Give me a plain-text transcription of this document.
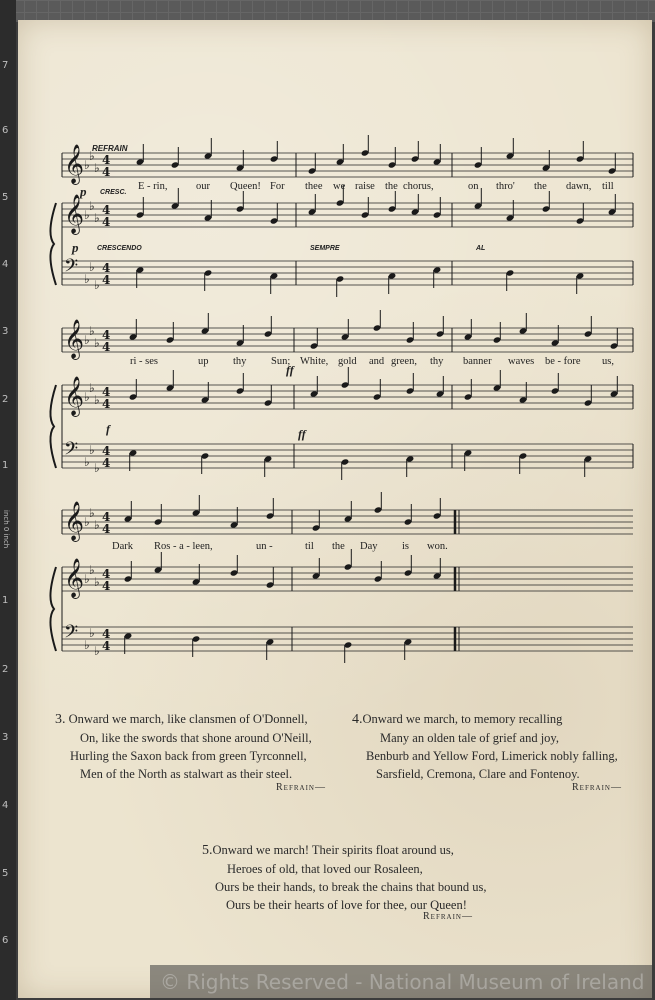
7
6
5
4
3
2
1
inch 0 inch
1
2
3
4
5
6
𝄞 ♭
♭
♭
4
4
𝄞 ♭
♭
♭
4
4
𝄢 ♭
♭
♭
4
4
𝄞 ♭
♭
♭
4
4
𝄞 ♭
♭
♭
4
4
𝄢 ♭
♭
♭
4
4
𝄞 ♭
♭
♭
4
4
𝄞 ♭
♭
♭
4
4
𝄢 ♭
♭
♭
4
4
REFRAIN
p CRESC.
p	CRESCENDO	SEMPRE	AL
ff
f	ff
E - rin,	our Queen! For thee we raise the chorus,	on thro' the dawn, till
ri - ses	up thy Sun; White, gold and green, thy banner waves be - fore us,
Dark Ros - a - leen,	un -	til the Day is won.
3. Onward we march, like clansmen of O'Donnell,
On, like the swords that shone around O'Neill,
Hurling the Saxon back from green Tyrconnell,
Men of the North as stalwart as their steel.
Refrain—
4.Onward we march, to memory recalling
Many an olden tale of grief and joy,
Benburb and Yellow Ford, Limerick nobly falling,
Sarsfield, Cremona, Clare and Fontenoy.
Refrain—
5.Onward we march! Their spirits float around us,
Heroes of old, that loved our Rosaleen,
Ours be their hands, to break the chains that bound us,
Ours be their hearts of love for thee, our Queen!
Refrain—
© Rights Reserved - National Museum of Ireland
